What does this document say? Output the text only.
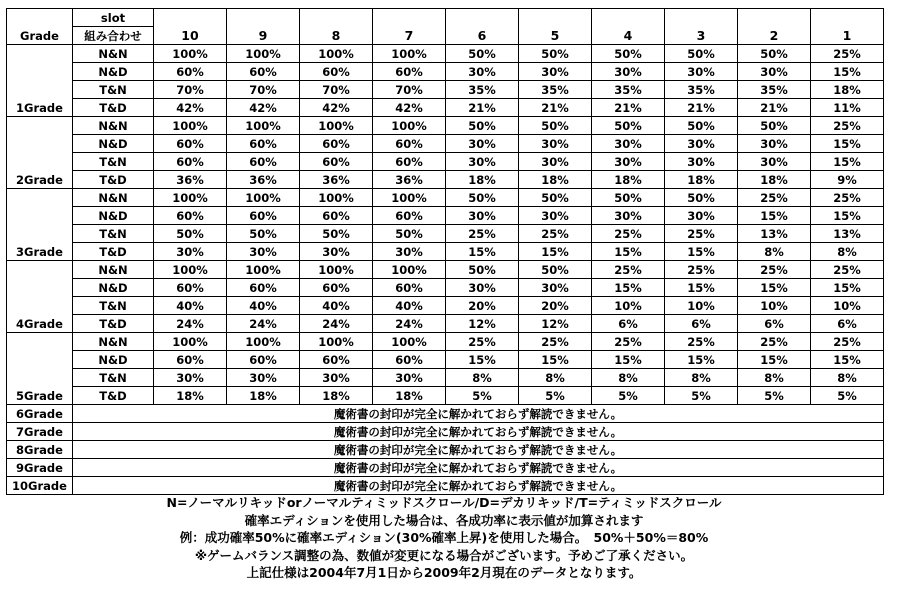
Grade	slot	10	9	8	7	6	5	4	3	2	1
	組み合わせ										
1Grade	N&N	100%	100%	100%	100%	50%	50%	50%	50%	50%	25%
	N&D	60%	60%	60%	60%	30%	30%	30%	30%	30%	15%
	T&N	70%	70%	70%	70%	35%	35%	35%	35%	35%	18%
	T&D	42%	42%	42%	42%	21%	21%	21%	21%	21%	11%
2Grade	N&N	100%	100%	100%	100%	50%	50%	50%	50%	50%	25%
	N&D	60%	60%	60%	60%	30%	30%	30%	30%	30%	15%
	T&N	60%	60%	60%	60%	30%	30%	30%	30%	30%	15%
	T&D	36%	36%	36%	36%	18%	18%	18%	18%	18%	9%
3Grade	N&N	100%	100%	100%	100%	50%	50%	50%	50%	25%	25%
	N&D	60%	60%	60%	60%	30%	30%	30%	30%	15%	15%
	T&N	50%	50%	50%	50%	25%	25%	25%	25%	13%	13%
	T&D	30%	30%	30%	30%	15%	15%	15%	15%	8%	8%
4Grade	N&N	100%	100%	100%	100%	50%	50%	25%	25%	25%	25%
	N&D	60%	60%	60%	60%	30%	30%	15%	15%	15%	15%
	T&N	40%	40%	40%	40%	20%	20%	10%	10%	10%	10%
	T&D	24%	24%	24%	24%	12%	12%	6%	6%	6%	6%
5Grade	N&N	100%	100%	100%	100%	25%	25%	25%	25%	25%	25%
	N&D	60%	60%	60%	60%	15%	15%	15%	15%	15%	15%
	T&N	30%	30%	30%	30%	8%	8%	8%	8%	8%	8%
	T&D	18%	18%	18%	18%	5%	5%	5%	5%	5%	5%
6Grade	魔術書の封印が完全に解かれておらず解読できません。										
7Grade	魔術書の封印が完全に解かれておらず解読できません。										
8Grade	魔術書の封印が完全に解かれておらず解読できません。										
9Grade	魔術書の封印が完全に解かれておらず解読できません。										
10Grade	魔術書の封印が完全に解かれておらず解読できません。										
N=ノーマルリキッドorノーマルティミッドスクロール/D=デカリキッド/T=ティミッドスクロール
確率エディションを使用した場合は、各成功率に表示値が加算されます
例：成功確率50%に確率エディション(30%確率上昇)を使用した場合。　50%＋50%＝80%
※ゲームバランス調整の為、数値が変更になる場合がございます。予めご了承ください。
上記仕様は2004年7月1日から2009年2月現在のデータとなります。
